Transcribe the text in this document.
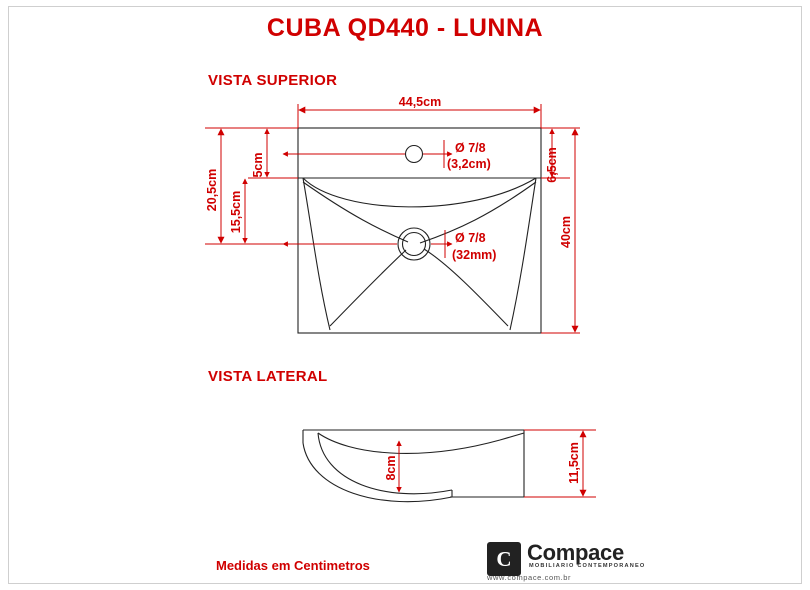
CUBA QD440 - LUNNA
VISTA SUPERIOR
VISTA LATERAL
Medidas em Centimetros
44,5cm
5cm
15,5cm
20,5cm
6,5cm
40cm
Ø 7/8
(3,2cm)
Ø 7/8
(32mm)
8cm	11,5cm
C Compace
MOBILIARIO CONTEMPORANEO
www.compace.com.br
